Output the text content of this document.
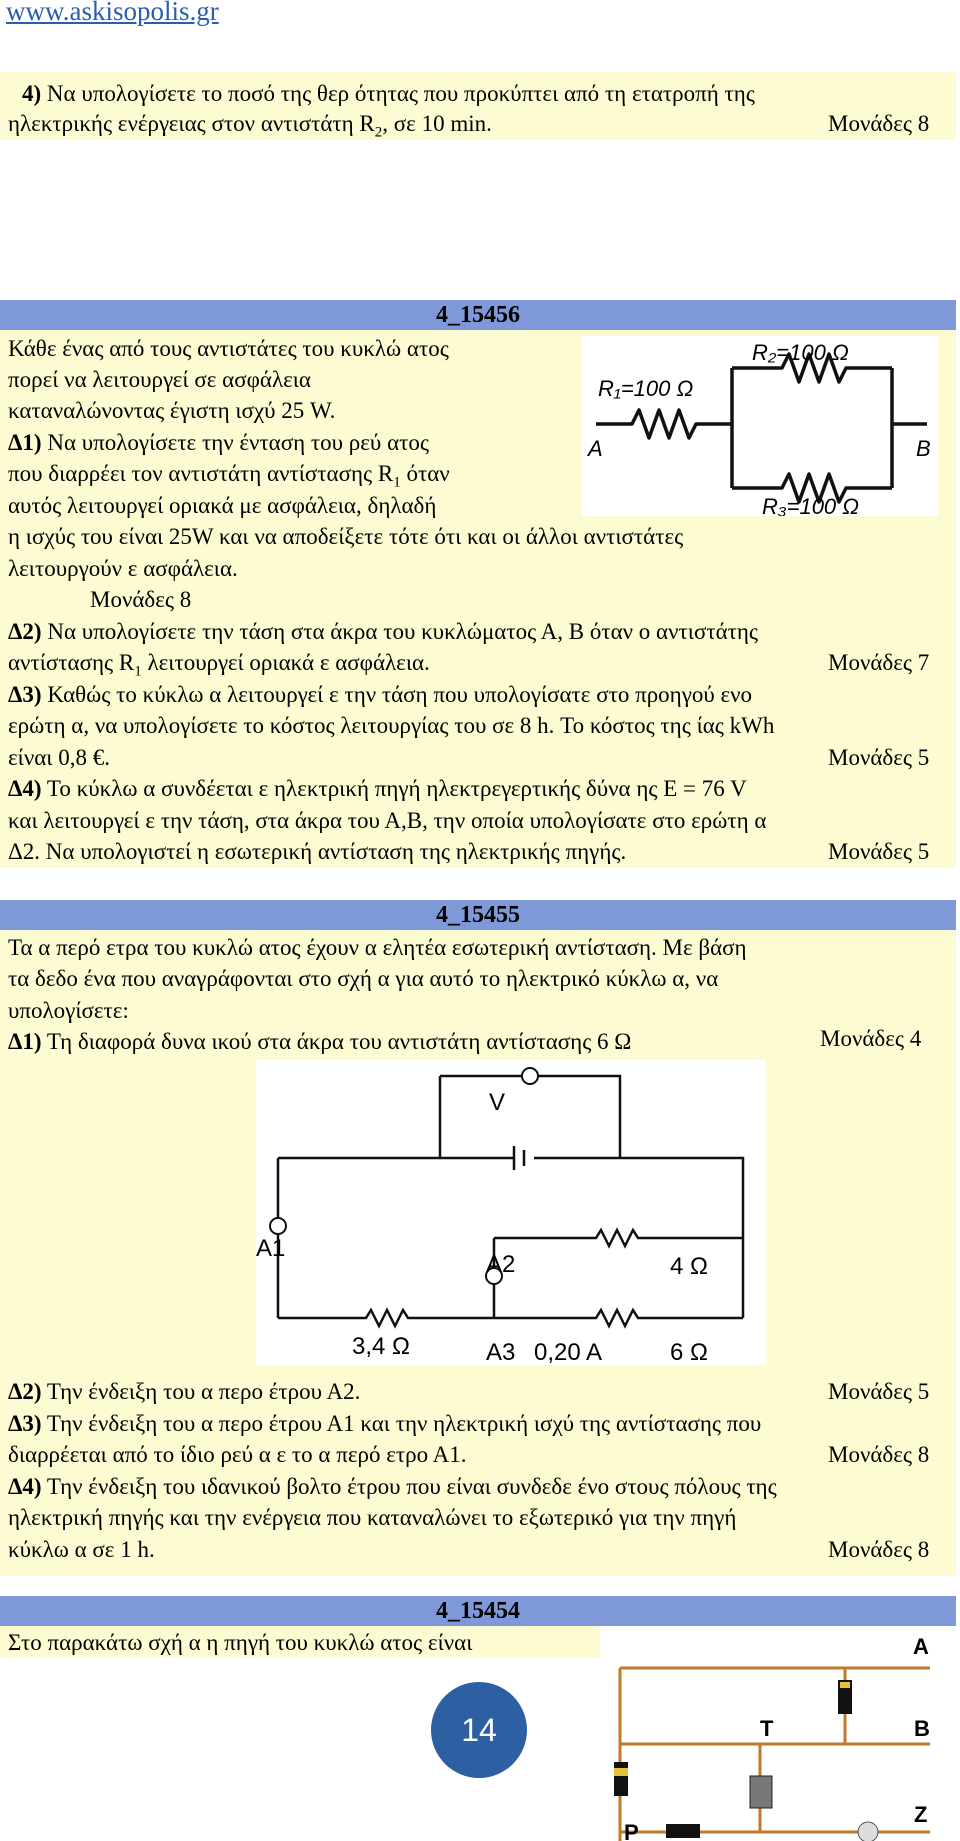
www.askisopolis.gr
4) Να υπολογίσετε το ποσό της θερ ότητας που προκύπτει από τη ετατροπή της
ηλεκτρικής ενέργειας στον αντιστάτη $R_2$, σε 10 min.	Μονάδες 8
4_15456
Κάθε ένας από τους αντιστάτες του κυκλώ ατος
πορεί να λειτουργεί σε ασφάλεια
καταναλώνοντας έγιστη ισχύ 25 W.
Δ1) Να υπολογίσετε την ένταση του ρεύ ατος
που διαρρέει τον αντιστάτη αντίστασης $R_1$ όταν
αυτός λειτουργεί οριακά με ασφάλεια, δηλαδή
η ισχύς του είναι 25W και να αποδείξετε τότε ότι και οι άλλοι αντιστάτες
λειτουργούν ε ασφάλεια.
Μονάδες 8
Δ2) Να υπολογίσετε την τάση στα άκρα του κυκλώματος Α, Β όταν ο αντιστάτης
αντίστασης $R_1$ λειτουργεί οριακά ε ασφάλεια.	Μονάδες 7
Δ3) Καθώς το κύκλω α λειτουργεί ε την τάση που υπολογίσατε στο προηγού ενο
ερώτη α, να υπολογίσετε το κόστος λειτουργίας του σε 8 h. Το κόστος της ίας kWh
είναι 0,8 €.	Μονάδες 5
Δ4) Το κύκλω α συνδέεται ε ηλεκτρική πηγή ηλεκτρεγερτικής δύνα ης E = 76 V
και λειτουργεί ε την τάση, στα άκρα του Α,Β, την οποία υπολογίσατε στο ερώτη α
Δ2. Να υπολογιστεί η εσωτερική αντίσταση της ηλεκτρικής πηγής.	Μονάδες 5
R₁=100 Ω
R₂=100 Ω
R₃=100 Ω
A	B
4_15455
Τα α περό ετρα του κυκλώ ατος έχουν α ελητέα εσωτερική αντίσταση. Με βάση
τα δεδο ένα που αναγράφονται στο σχή α για αυτό το ηλεκτρικό κύκλω α, να
υπολογίσετε:
Δ1) Τη διαφορά δυνα ικού στα άκρα του αντιστάτη αντίστασης 6 Ω	Μονάδες 4
V
A1
A2	4 Ω
3,4 Ω	A3 0,20 A	6 Ω
Δ2) Την ένδειξη του α περο έτρου Α2.	Μονάδες 5
Δ3) Την ένδειξη του α περο έτρου Α1 και την ηλεκτρική ισχύ της αντίστασης που
διαρρέεται από το ίδιο ρεύ α ε το α περό ετρο Α1.	Μονάδες 8
Δ4) Την ένδειξη του ιδανικού βολτο έτρου που είναι συνδεδε ένο στους πόλους της
ηλεκτρική πηγής και την ενέργεια που καταναλώνει το εξωτερικό για την πηγή
κύκλω α σε 1 h.	Μονάδες 8
4_15454
Στο παρακάτω σχή α η πηγή του κυκλώ ατος είναι	A
T	B
Z
P
14
